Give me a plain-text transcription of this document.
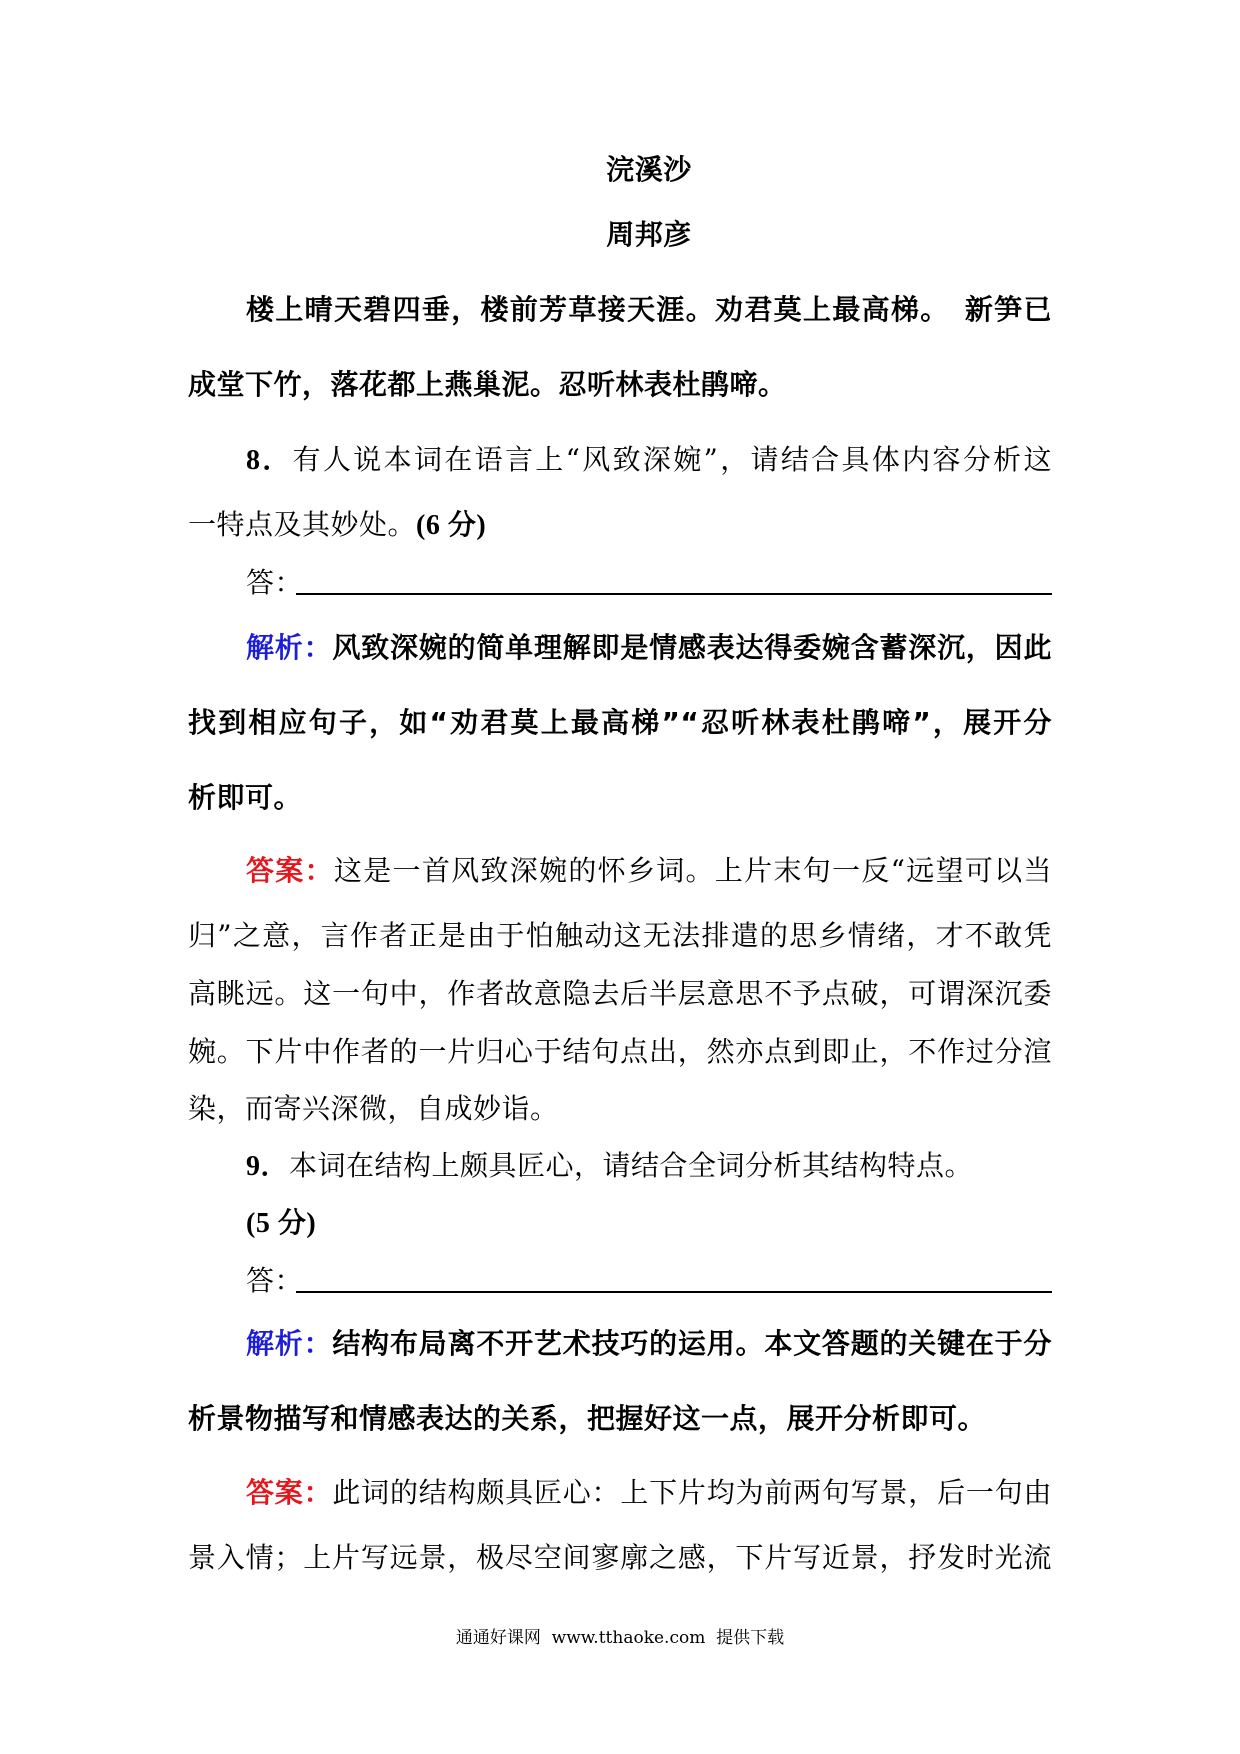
浣溪沙
周邦彦
楼上晴天碧四垂，楼前芳草接天涯。劝君莫上最高梯。　新笋已
成堂下竹，落花都上燕巢泥。忍听林表杜鹃啼。
8．有人说本词在语言上“风致深婉”，请结合具体内容分析这
一特点及其妙处。(6 分)
答：
解析：风致深婉的简单理解即是情感表达得委婉含蓄深沉，因此
找到相应句子，如“劝君莫上最高梯”“忍听林表杜鹃啼”，展开分
析即可。
答案：这是一首风致深婉的怀乡词。上片末句一反“远望可以当
归”之意，言作者正是由于怕触动这无法排遣的思乡情绪，才不敢凭
高眺远。这一句中，作者故意隐去后半层意思不予点破，可谓深沉委
婉。下片中作者的一片归心于结句点出，然亦点到即止，不作过分渲
染，而寄兴深微，自成妙诣。
9．本词在结构上颇具匠心，请结合全词分析其结构特点。
(5 分)
答：
解析：结构布局离不开艺术技巧的运用。本文答题的关键在于分
析景物描写和情感表达的关系，把握好这一点，展开分析即可。
答案：此词的结构颇具匠心：上下片均为前两句写景，后一句由
景入情；上片写远景，极尽空间寥廓之感，下片写近景，抒发时光流
通通好课网  www.tthaoke.com  提供下载
